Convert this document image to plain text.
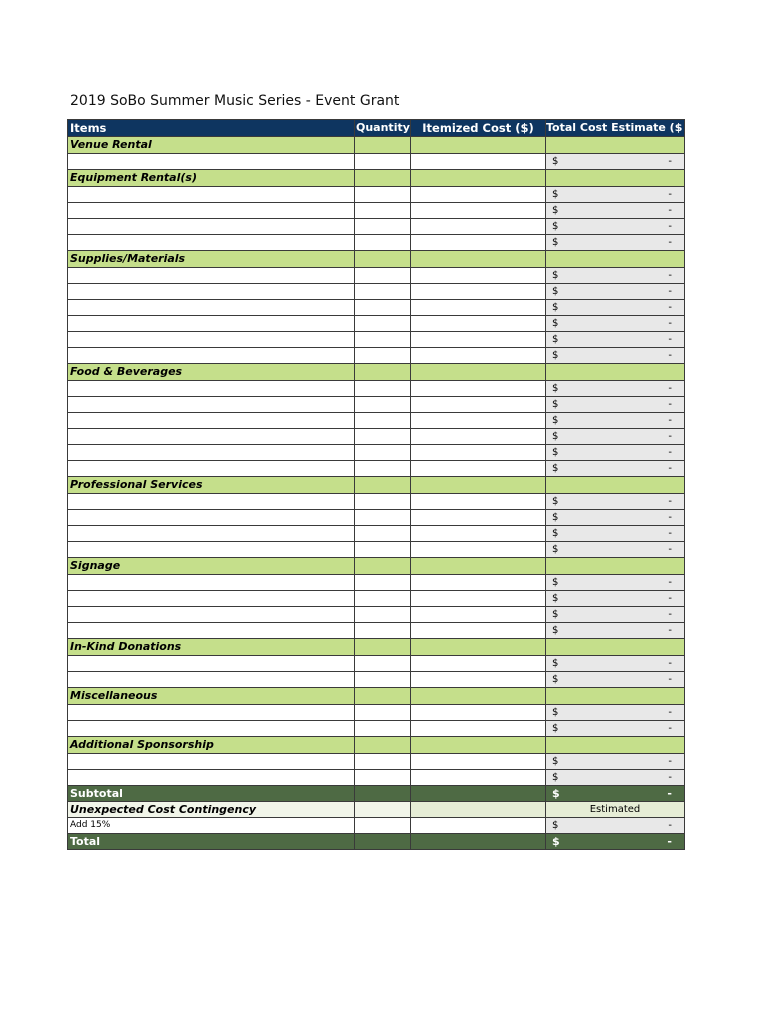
2019 SoBo Summer Music Series - Event Grant
Items	Quantity	Itemized Cost ($)	Total Cost Estimate ($
Venue Rental			

			$ -

Equipment Rental(s)			

			$ -

			$ -

			$ -

			$ -

Supplies/Materials			

			$ -

			$ -

			$ -

			$ -

			$ -

			$ -

Food & Beverages			

			$ -

			$ -

			$ -

			$ -

			$ -

			$ -

Professional Services			

			$ -

			$ -

			$ -

			$ -

Signage			

			$ -

			$ -

			$ -

			$ -

In-Kind Donations			

			$ -

			$ -

Miscellaneous			

			$ -

			$ -

Additional Sponsorship			

			$ -

			$ -

Subtotal			$ -

Unexpected Cost Contingency			Estimated
Add 15%			$ -

Total			$ -
